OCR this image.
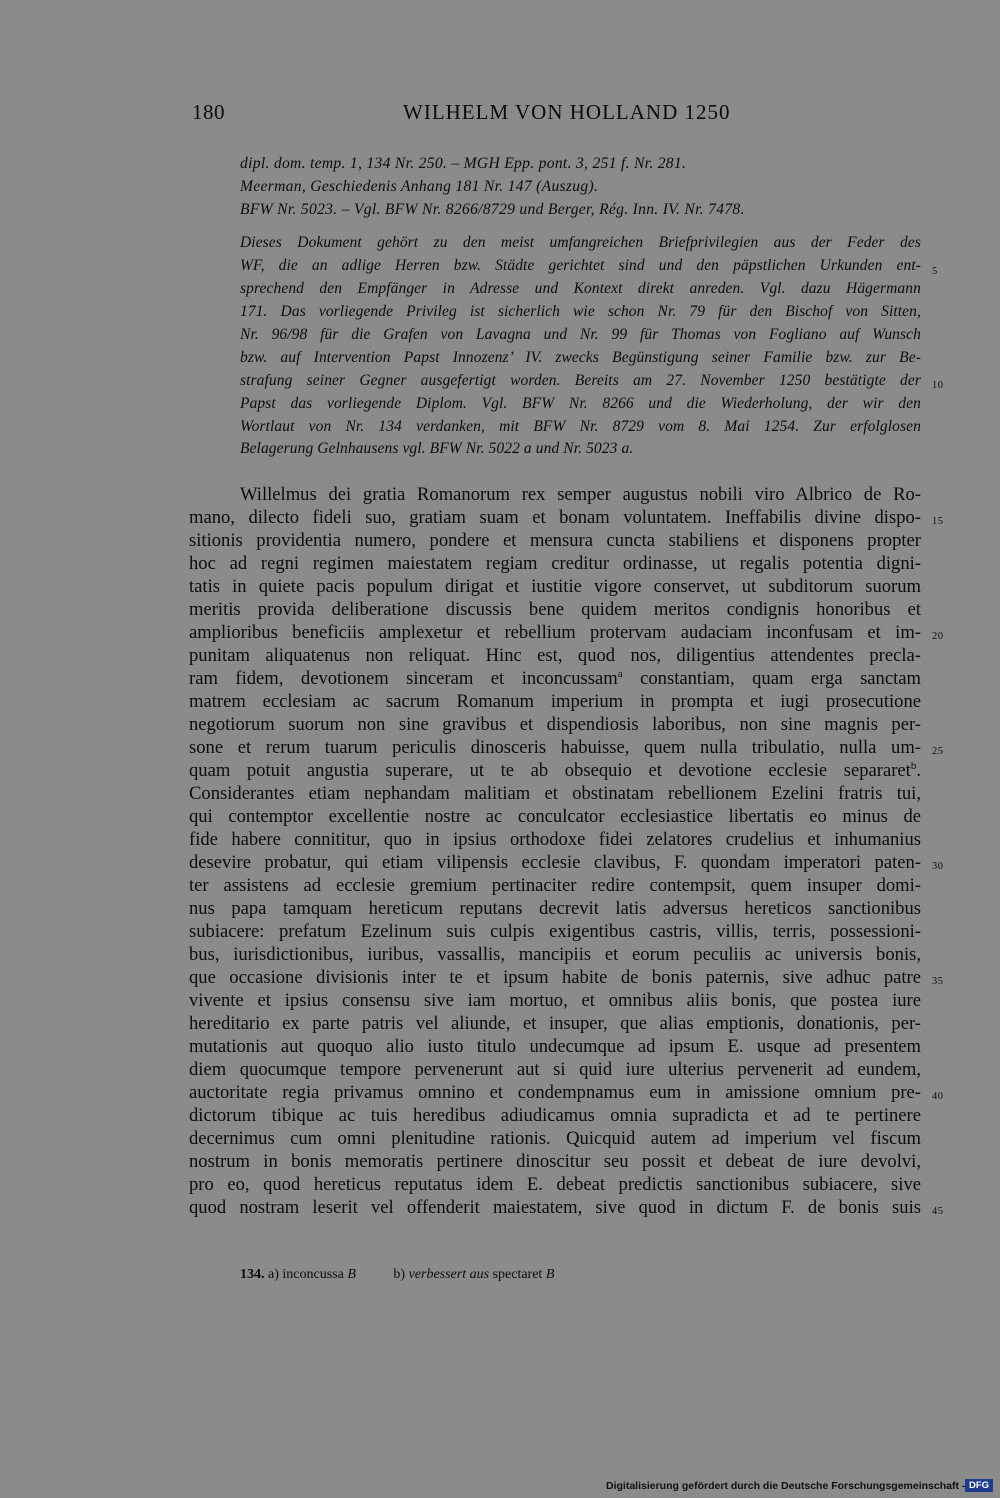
180	WILHELM VON HOLLAND 1250
dipl. dom. temp. 1, 134 Nr. 250. – MGH Epp. pont. 3, 251 f. Nr. 281.
Meerman, Geschiedenis Anhang 181 Nr. 147 (Auszug).
BFW Nr. 5023. – Vgl. BFW Nr. 8266/8729 und Berger, Rég. Inn. IV. Nr. 7478.
Dieses Dokument gehört zu den meist umfangreichen Briefprivilegien aus der Feder des
WF, die an adlige Herren bzw. Städte gerichtet sind und den päpstlichen Urkunden ent-
sprechend den Empfänger in Adresse und Kontext direkt anreden. Vgl. dazu Hägermann
171. Das vorliegende Privileg ist sicherlich wie schon Nr. 79 für den Bischof von Sitten,
Nr. 96/98 für die Grafen von Lavagna und Nr. 99 für Thomas von Fogliano auf Wunsch
bzw. auf Intervention Papst Innozenz’ IV. zwecks Begünstigung seiner Familie bzw. zur Be-
strafung seiner Gegner ausgefertigt worden. Bereits am 27. November 1250 bestätigte der
Papst das vorliegende Diplom. Vgl. BFW Nr. 8266 und die Wiederholung, der wir den
Wortlaut von Nr. 134 verdanken, mit BFW Nr. 8729 vom 8. Mai 1254. Zur erfolglosen
Belagerung Gelnhausens vgl. BFW Nr. 5022 a und Nr. 5023 a.
5
10
Willelmus dei gratia Romanorum rex semper augustus nobili viro Albrico de Ro-
mano, dilecto fideli suo, gratiam suam et bonam voluntatem. Ineffabilis divine dispo-
sitionis providentia numero, pondere et mensura cuncta stabiliens et disponens propter
hoc ad regni regimen maiestatem regiam creditur ordinasse, ut regalis potentia digni-
tatis in quiete pacis populum dirigat et iustitie vigore conservet, ut subditorum suorum
meritis provida deliberatione discussis bene quidem meritos condignis honoribus et
amplioribus beneficiis amplexetur et rebellium protervam audaciam inconfusam et im-
punitam aliquatenus non reliquat. Hinc est, quod nos, diligentius attendentes precla-
ram fidem, devotionem sinceram et inconcussam$^a$ constantiam, quam erga sanctam
matrem ecclesiam ac sacrum Romanum imperium in prompta et iugi prosecutione
negotiorum suorum non sine gravibus et dispendiosis laboribus, non sine magnis per-
sone et rerum tuarum periculis dinosceris habuisse, quem nulla tribulatio, nulla um-
quam potuit angustia superare, ut te ab obsequio et devotione ecclesie separaret$^b$.
Considerantes etiam nephandam malitiam et obstinatam rebellionem Ezelini fratris tui,
qui contemptor excellentie nostre ac conculcator ecclesiastice libertatis eo minus de
fide habere connititur, quo in ipsius orthodoxe fidei zelatores crudelius et inhumanius
desevire probatur, qui etiam vilipensis ecclesie clavibus, F. quondam imperatori paten-
ter assistens ad ecclesie gremium pertinaciter redire contempsit, quem insuper domi-
nus papa tamquam hereticum reputans decrevit latis adversus hereticos sanctionibus
subiacere: prefatum Ezelinum suis culpis exigentibus castris, villis, terris, possessioni-
bus, iurisdictionibus, iuribus, vassallis, mancipiis et eorum peculiis ac universis bonis,
que occasione divisionis inter te et ipsum habite de bonis paternis, sive adhuc patre
vivente et ipsius consensu sive iam mortuo, et omnibus aliis bonis, que postea iure
hereditario ex parte patris vel aliunde, et insuper, que alias emptionis, donationis, per-
mutationis aut quoquo alio iusto titulo undecumque ad ipsum E. usque ad presentem
diem quocumque tempore pervenerunt aut si quid iure ulterius pervenerit ad eundem,
auctoritate regia privamus omnino et condempnamus eum in amissione omnium pre-
dictorum tibique ac tuis heredibus adiudicamus omnia supradicta et ad te pertinere
decernimus cum omni plenitudine rationis. Quicquid autem ad imperium vel fiscum
nostrum in bonis memoratis pertinere dinoscitur seu possit et debeat de iure devolvi,
pro eo, quod hereticus reputatus idem E. debeat predictis sanctionibus subiacere, sive
quod nostram leserit vel offenderit maiestatem, sive quod in dictum F. de bonis suis
15
20
25
30
35
40
45
134. a) inconcussa B	b) verbessert aus spectaret B
Digitalisierung gefördert durch die Deutsche Forschungsgemeinschaft - DFG
